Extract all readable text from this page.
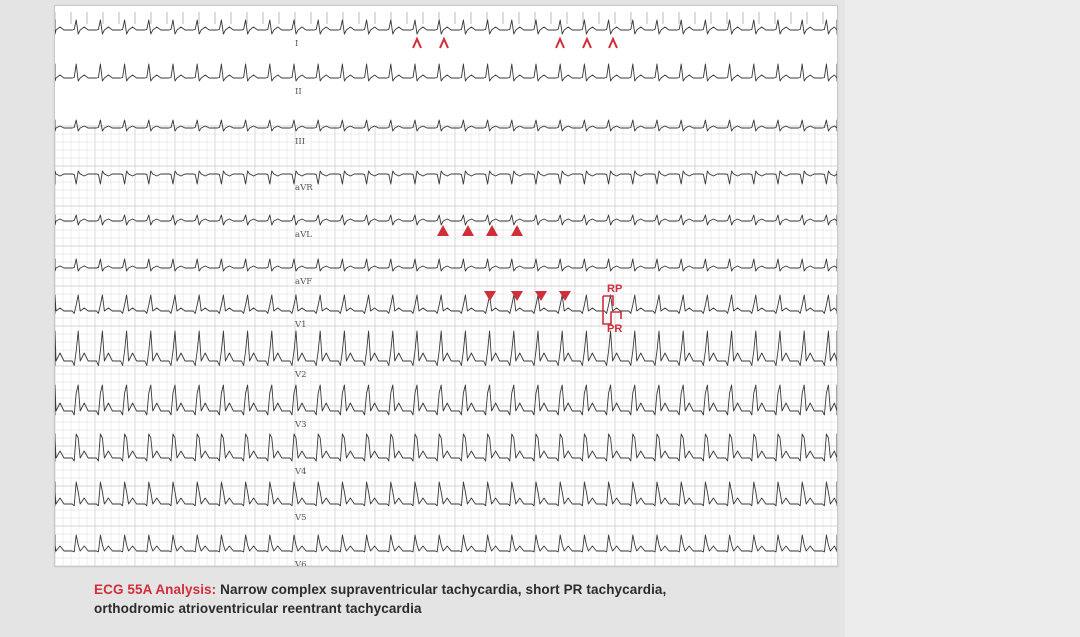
I
II
III
aVR
aVL
aVF
V1
V2
V3
V4
V5
V6
RP
PR
ECG 55A Analysis: Narrow complex supraventricular tachycardia, short PR tachycardia,
orthodromic atrioventricular reentrant tachycardia
